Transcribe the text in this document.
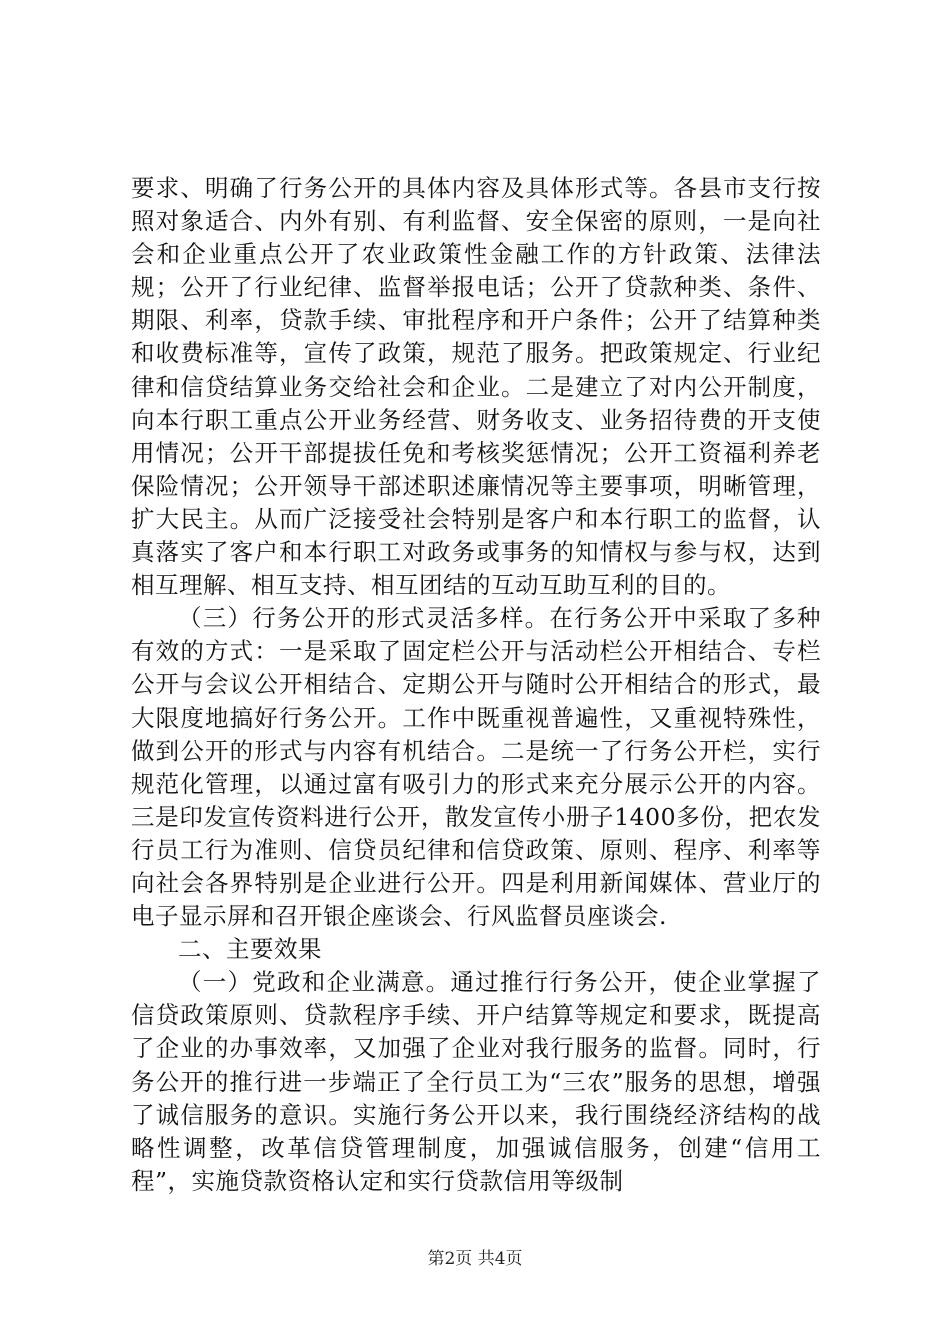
要求、明确了行务公开的具体内容及具体形式等。各县市支行按照对象适合、内外有别、有利监督、安全保密的原则，一是向社会和企业重点公开了农业政策性金融工作的方针政策、法律法规；公开了行业纪律、监督举报电话；公开了贷款种类、条件、期限、利率，贷款手续、审批程序和开户条件；公开了结算种类和收费标准等，宣传了政策，规范了服务。把政策规定、行业纪律和信贷结算业务交给社会和企业。二是建立了对内公开制度，向本行职工重点公开业务经营、财务收支、业务招待费的开支使用情况；公开干部提拔任免和考核奖惩情况；公开工资福利养老保险情况；公开领导干部述职述廉情况等主要事项，明晰管理，扩大民主。从而广泛接受社会特别是客户和本行职工的监督，认真落实了客户和本行职工对政务或事务的知情权与参与权，达到相互理解、相互支持、相互团结的互动互助互利的目的。

（三）行务公开的形式灵活多样。在行务公开中采取了多种有效的方式：一是采取了固定栏公开与活动栏公开相结合、专栏公开与会议公开相结合、定期公开与随时公开相结合的形式，最大限度地搞好行务公开。工作中既重视普遍性，又重视特殊性，做到公开的形式与内容有机结合。二是统一了行务公开栏，实行规范化管理，以通过富有吸引力的形式来充分展示公开的内容。三是印发宣传资料进行公开，散发宣传小册子1400多份，把农发行员工行为准则、信贷员纪律和信贷政策、原则、程序、利率等向社会各界特别是企业进行公开。四是利用新闻媒体、营业厅的电子显示屏和召开银企座谈会、行风监督员座谈会.

二、主要效果

（一）党政和企业满意。通过推行行务公开，使企业掌握了信贷政策原则、贷款程序手续、开户结算等规定和要求，既提高了企业的办事效率，又加强了企业对我行服务的监督。同时，行务公开的推行进一步端正了全行员工为“三农”服务的思想，增强了诚信服务的意识。实施行务公开以来，我行围绕经济结构的战略性调整，改革信贷管理制度，加强诚信服务，创建“信用工程”，实施贷款资格认定和实行贷款信用等级制

第2页 共4页
